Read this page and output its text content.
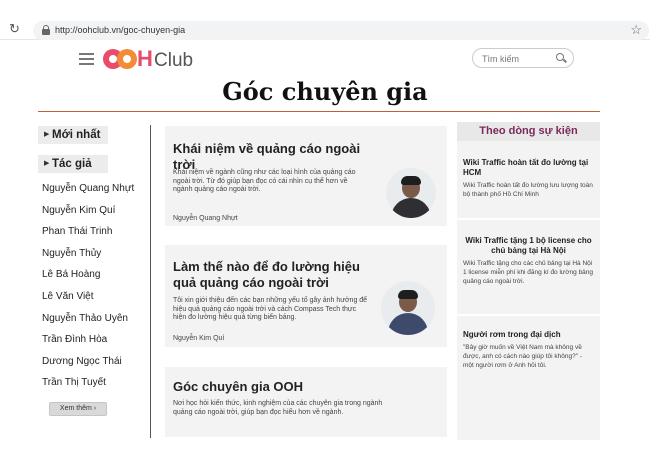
↻	http://oohclub.vn/goc-chuyen-gia	☆
H Club
Tìm kiếm
Góc chuyên gia
▶ Mới nhất
▶ Tác giả
Nguyễn Quang Nhựt
Nguyễn Kim Quí
Phan Thái Trinh
Nguyễn Thủy
Lê Bá Hoàng
Lê Văn Việt
Nguyễn Thảo Uyên
Trần Đình Hòa
Dương Ngọc Thái
Trần Thị Tuyết
Xem thêm ›
Khái niệm về quảng cáo ngoài trời
Khái niệm về ngành cũng như các loại hình của quảng cáo ngoài trời. Từ đó giúp bạn đọc có cái nhìn cụ thể hơn về ngành quảng cáo ngoài trời.
Nguyễn Quang Nhựt
Làm thế nào để đo lường hiệu quả quảng cáo ngoài trời
Tôi xin giới thiệu đến các bạn những yếu tố gây ảnh hưởng để hiệu quả quảng cáo ngoài trời và cách Compass Tech thực hiện đo lường hiệu quả từng biển bảng.
Nguyễn Kim Quí
Góc chuyên gia OOH
Nơi học hỏi kiến thức, kinh nghiệm của các chuyên gia trong ngành quảng cáo ngoài trời, giúp bạn đọc hiểu hơn về ngành.
Theo dòng sự kiện
Wiki Traffic hoàn tất đo lường tại HCM
Wiki Traffic hoàn tất đo lường lưu lượng toàn bộ thành phố Hồ Chí Minh
Wiki Traffic tặng 1 bộ license cho chủ bảng tại Hà Nội
Wiki Traffic tặng cho các chủ bảng tại Hà Nội 1 license miễn phí khi đăng kí đo lường bảng quảng cáo ngoài trời.
Người rơm trong đại dịch
"Bây giờ muốn về Việt Nam mà không về được, anh có cách nào giúp tôi không?" - một người rơm ở Anh hỏi tôi.
